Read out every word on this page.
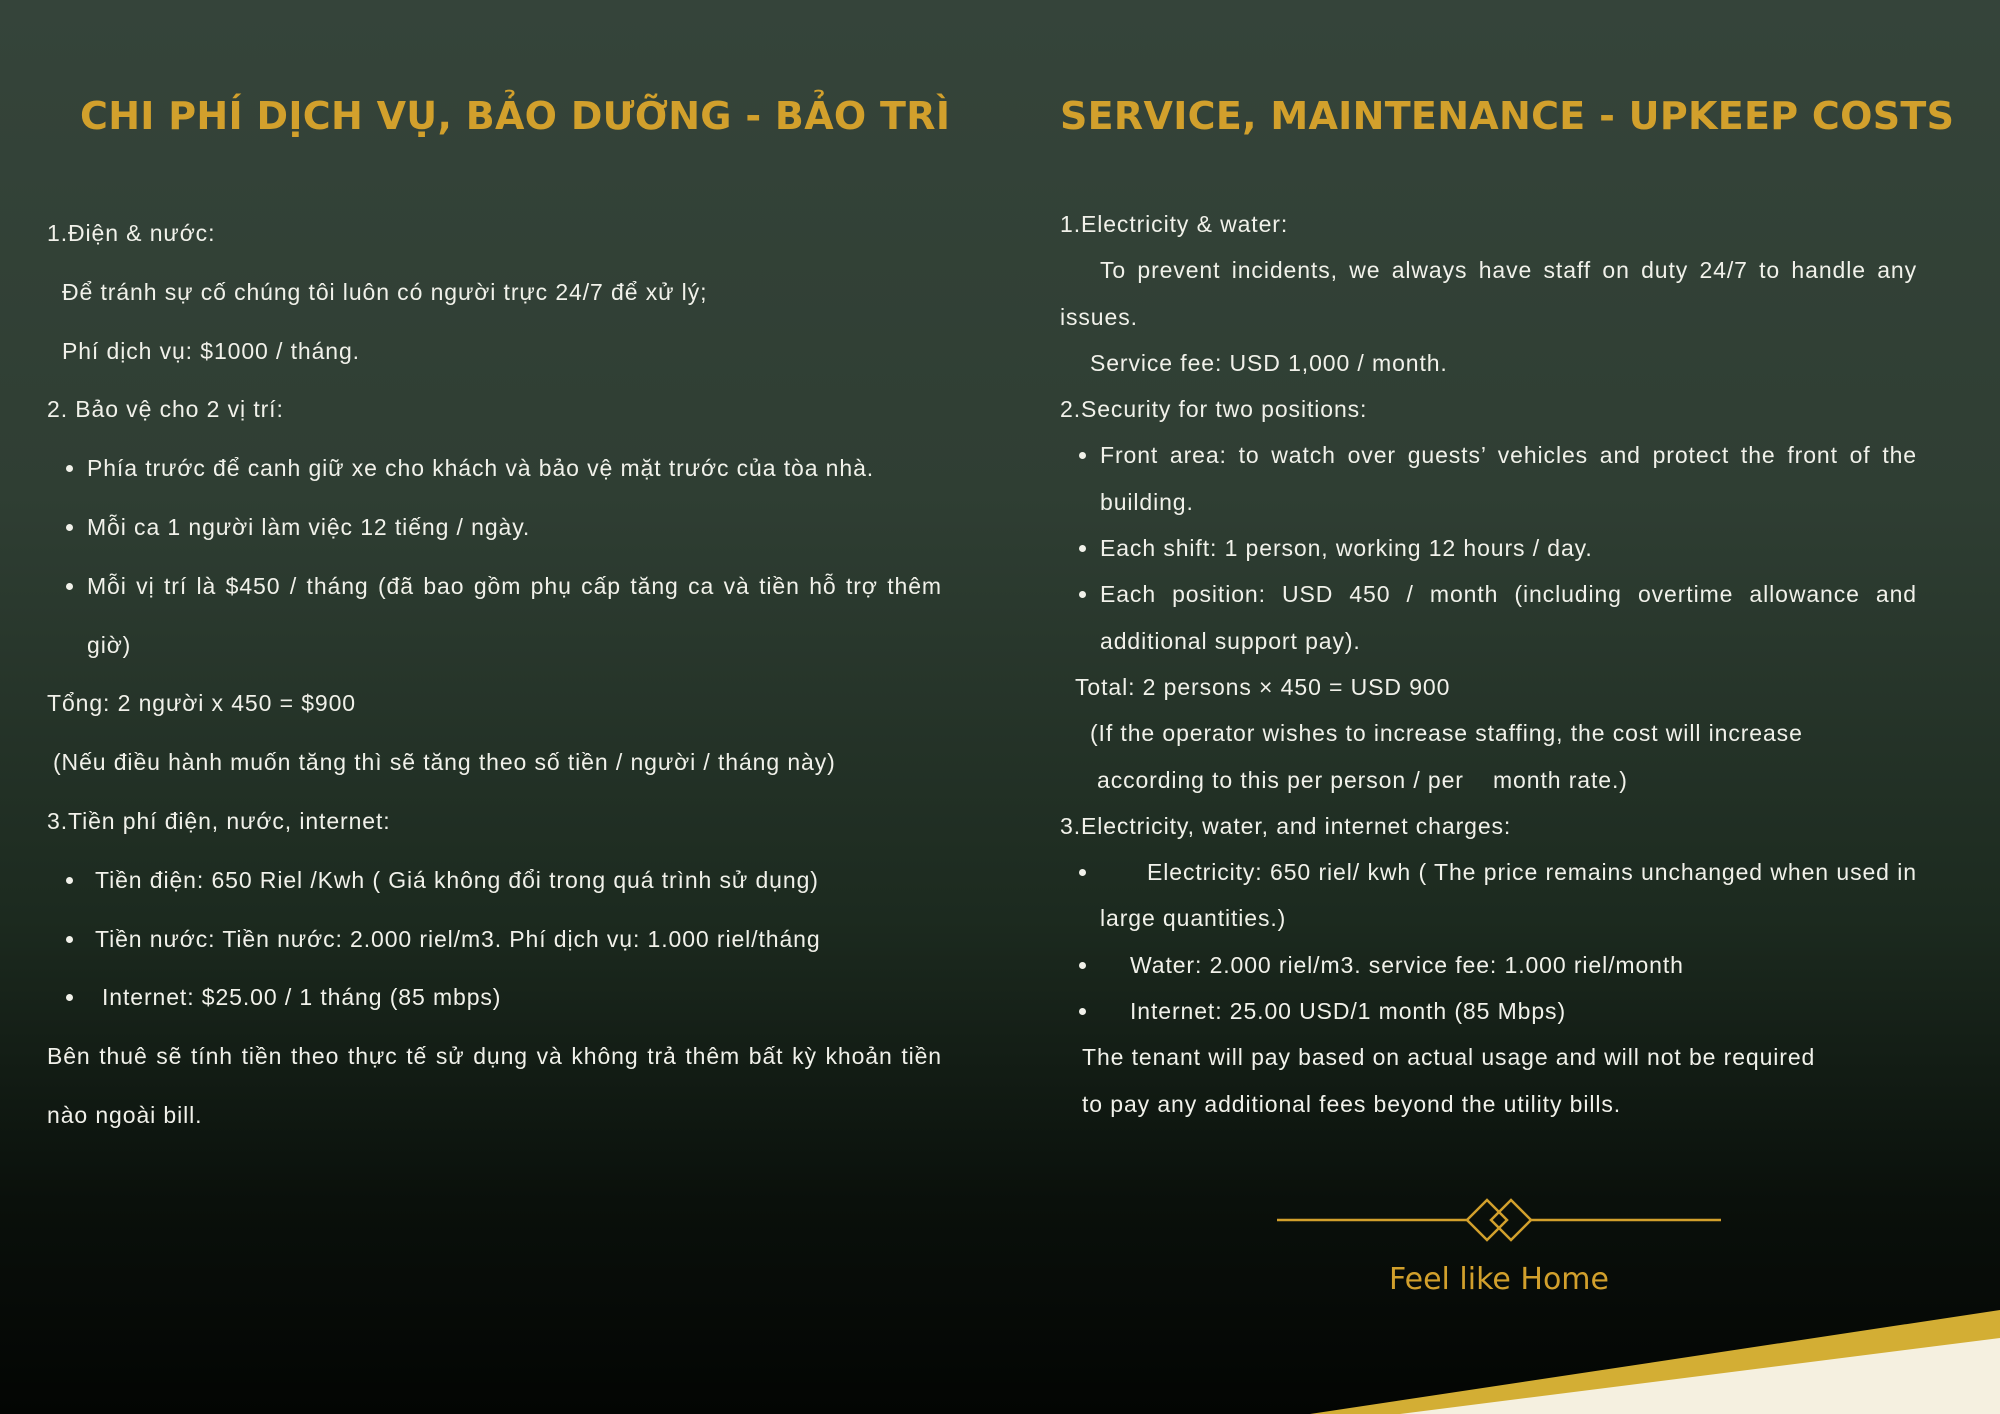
CHI PHÍ DỊCH VỤ, BẢO DƯỠNG - BẢO TRÌ

1.Điện & nước:

Để tránh sự cố chúng tôi luôn có người trực 24/7 để xử lý;

Phí dịch vụ: $1000 / tháng.

2. Bảo vệ cho 2 vị trí:

• Phía trước để canh giữ xe cho khách và bảo vệ mặt trước của tòa nhà.
• Mỗi ca 1 người làm việc 12 tiếng / ngày.
• Mỗi vị trí là $450 / tháng (đã bao gồm phụ cấp tăng ca và tiền hỗ trợ thêm giờ)

Tổng: 2 người x 450 = $900

(Nếu điều hành muốn tăng thì sẽ tăng theo số tiền / người / tháng này)

3.Tiền phí điện, nước, internet:

• Tiền điện: 650 Riel /Kwh ( Giá không đổi trong quá trình sử dụng)
• Tiền nước: Tiền nước: 2.000 riel/m3. Phí dịch vụ: 1.000 riel/tháng
• Internet: $25.00 / 1 tháng (85 mbps)

Bên thuê sẽ tính tiền theo thực tế sử dụng và không trả thêm bất kỳ khoản tiền nào ngoài bill.

SERVICE, MAINTENANCE - UPKEEP COSTS

1.Electricity & water:

To prevent incidents, we always have staff on duty 24/7 to handle any issues.

Service fee: USD 1,000 / month.

2.Security for two positions:

• Front area: to watch over guests’ vehicles and protect the front of the building.
• Each shift: 1 person, working 12 hours / day.
• Each position: USD 450 / month (including overtime allowance and additional support pay).

Total: 2 persons × 450 = USD 900

(If the operator wishes to increase staffing, the cost will increase

according to this per person / per    month rate.)

3.Electricity, water, and internet charges:

• Electricity: 650 riel/ kwh ( The price remains unchanged when used in large quantities.)
• Water: 2.000 riel/m3. service fee: 1.000 riel/month
• Internet: 25.00 USD/1 month (85 Mbps)

The tenant will pay based on actual usage and will not be required

to pay any additional fees beyond the utility bills.

Feel like Home
